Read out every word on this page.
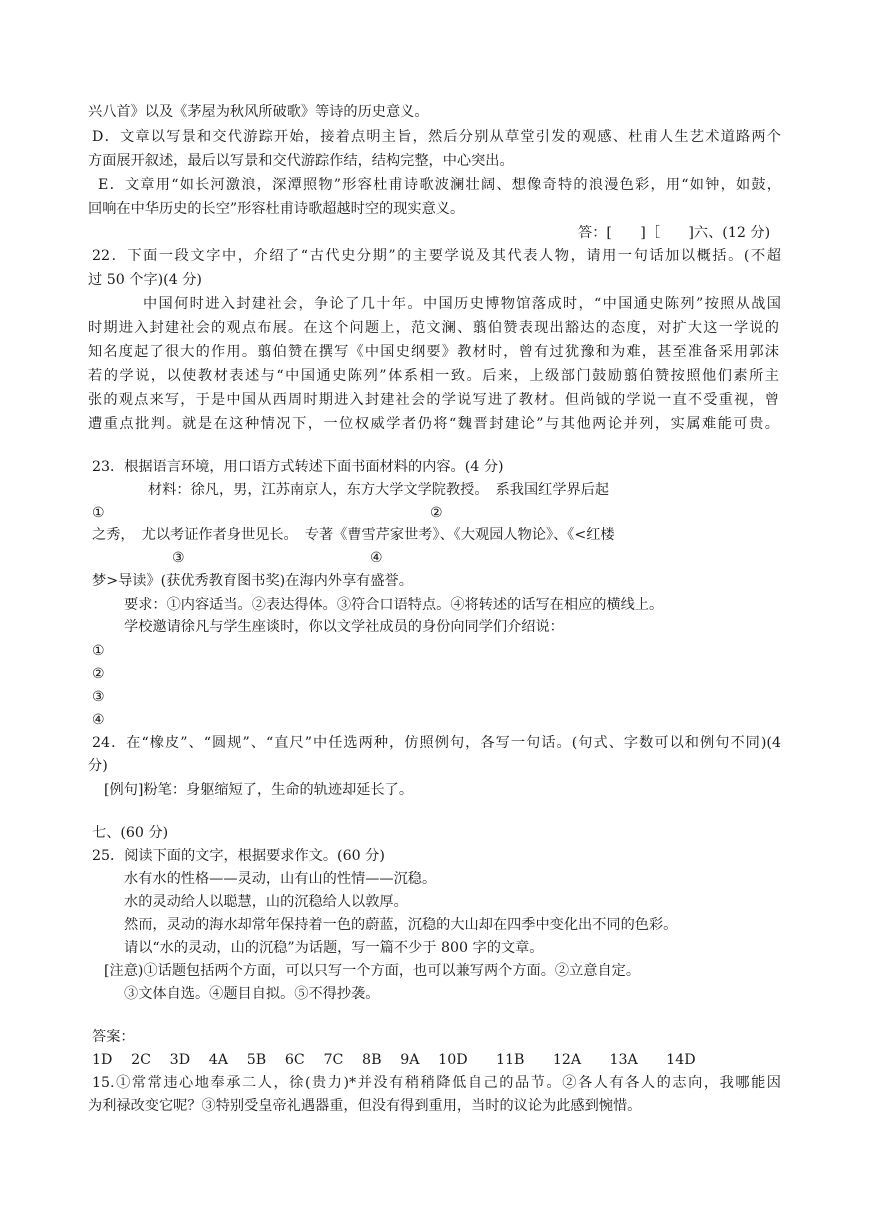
兴八首》以及《茅屋为秋风所破歌》等诗的历史意义。
D．文章以写景和交代游踪开始，接着点明主旨，然后分别从草堂引发的观感、杜甫人生艺术道路两个
方面展开叙述，最后以写景和交代游踪作结，结构完整，中心突出。
E．文章用“如长河激浪，深潭照物”形容杜甫诗歌波澜壮阔、想像奇特的浪漫色彩，用“如钟，如鼓，
回响在中华历史的长空”形容杜甫诗歌超越时空的现实意义。
答：[　　]［　　]六、(12 分)
22．下面一段文字中，介绍了“古代史分期”的主要学说及其代表人物，请用一句话加以概括。(不超
过 50 个字)(4 分)
中国何时进入封建社会，争论了几十年。中国历史博物馆落成时，“中国通史陈列”按照从战国
时期进入封建社会的观点布展。在这个问题上，范文澜、翦伯赞表现出豁达的态度，对扩大这一学说的
知名度起了很大的作用。翦伯赞在撰写《中国史纲要》教材时，曾有过犹豫和为难，甚至准备采用郭沫
若的学说，以使教材表述与“中国通史陈列”体系相一致。后来，上级部门鼓励翦伯赞按照他们素所主
张的观点来写，于是中国从西周时期进入封建社会的学说写进了教材。但尚钺的学说一直不受重视，曾
遭重点批判。就是在这种情况下，一位权威学者仍将“魏晋封建论”与其他两论并列，实属难能可贵。
23．根据语言环境，用口语方式转述下面书面材料的内容。(4 分)
材料：徐凡，男，江苏南京人，东方大学文学院教授。　系我国红学界后起
①	②
之秀，　尤以考证作者身世见长。　专著《曹雪芹家世考》、《大观园人物论》、《<红楼
③	④
梦>导读》(获优秀教育图书奖)在海内外享有盛誉。
要求：①内容适当。②表达得体。③符合口语特点。④将转述的话写在相应的横线上。
学校邀请徐凡与学生座谈时，你以文学社成员的身份向同学们介绍说：
①
②
③
④
24．在“橡皮”、“圆规”、“直尺”中任选两种，仿照例句，各写一句话。(句式、字数可以和例句不同)(4
分)
[例句]粉笔：身躯缩短了，生命的轨迹却延长了。
七、(60 分)
25．阅读下面的文字，根据要求作文。(60 分)
水有水的性格——灵动，山有山的性情——沉稳。
水的灵动给人以聪慧，山的沉稳给人以敦厚。
然而，灵动的海水却常年保持着一色的蔚蓝，沉稳的大山却在四季中变化出不同的色彩。
请以“水的灵动，山的沉稳”为话题，写一篇不少于 800 字的文章。
[注意)①话题包括两个方面，可以只写一个方面，也可以兼写两个方面。②立意自定。
③文体自选。④题目自拟。⑤不得抄袭。
答案：
1D　 2C　 3D　 4A　 5B　 6C　 7C　 8B　 9A　 10D　　11B　　12A　　13A　　14D
15.①常常违心地奉承二人，徐(贵力)*并没有稍稍降低自己的品节。②各人有各人的志向，我哪能因
为利禄改变它呢？③特别受皇帝礼遇器重，但没有得到重用，当时的议论为此感到惋惜。
